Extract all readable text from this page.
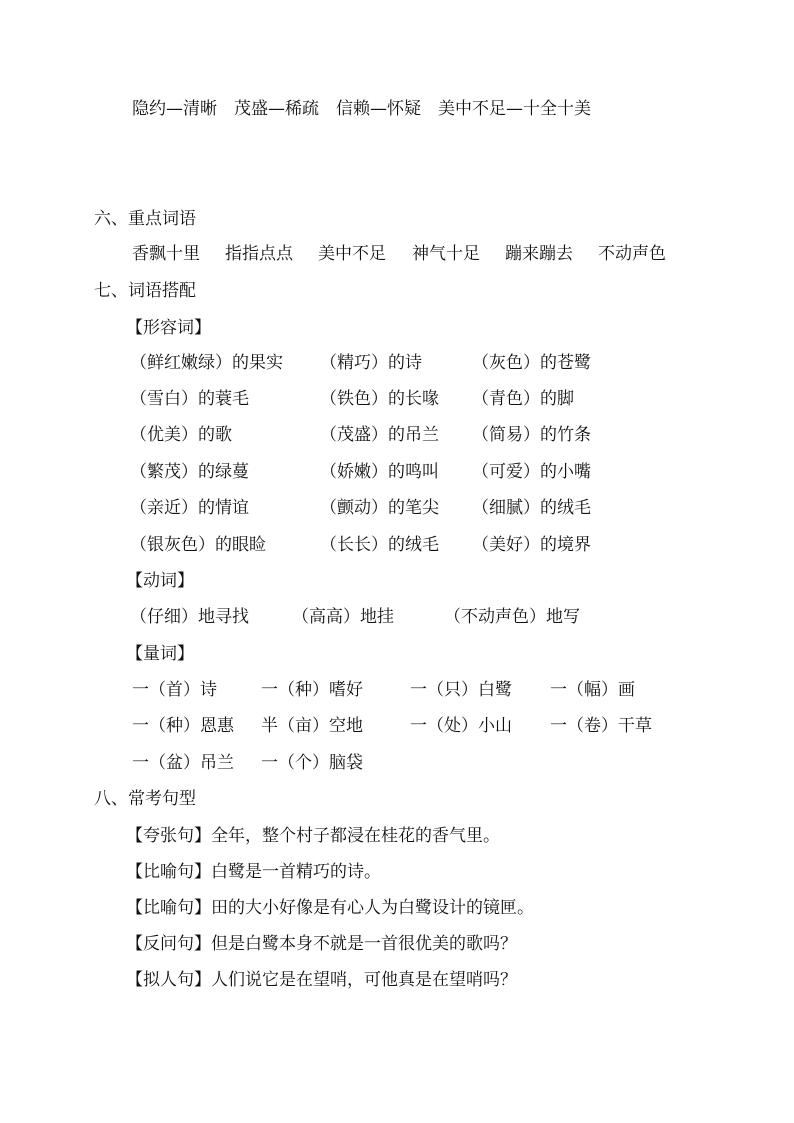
隐约—清晰　茂盛—稀疏　信赖—怀疑　美中不足—十全十美
六、重点词语
香飘十里 指指点点 美中不足 神气十足 蹦来蹦去 不动声色
七、词语搭配
【形容词】
（鲜红嫩绿）的果实 （精巧）的诗	（灰色）的苍鹭
（雪白）的蓑毛	（铁色）的长喙 （青色）的脚
（优美）的歌	（茂盛）的吊兰 （简易）的竹条
（繁茂）的绿蔓	（娇嫩）的鸣叫 （可爱）的小嘴
（亲近）的情谊	（颤动）的笔尖 （细腻）的绒毛
（银灰色）的眼睑	（长长）的绒毛 （美好）的境界
【动词】
（仔细）地寻找	（高高）地挂	（不动声色）地写
【量词】
一（首）诗	一（种）嗜好	一（只）白鹭 一（幅）画
一（种）恩惠 半（亩）空地	一（处）小山 一（卷）干草
一（盆）吊兰 一（个）脑袋
八、常考句型
【夸张句】全年，整个村子都浸在桂花的香气里。
【比喻句】白鹭是一首精巧的诗。
【比喻句】田的大小好像是有心人为白鹭设计的镜匣。
【反问句】但是白鹭本身不就是一首很优美的歌吗？
【拟人句】人们说它是在望哨，可他真是在望哨吗？
